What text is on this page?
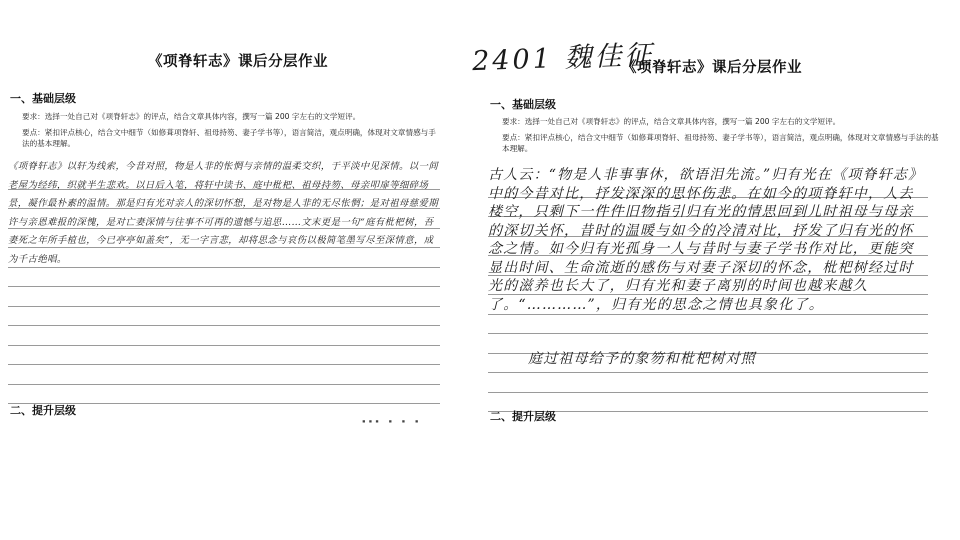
《项脊轩志》课后分层作业
一、基础层级
要求：选择一处自己对《项脊轩志》的评点，结合文章具体内容，撰写一篇 200 字左右的文学短评。
要点：紧扣评点核心，结合文中细节（如修葺项脊轩、祖母持笏、妻子学书等），语言简洁，观点明确，体现对文章情感与手法的基本理解。
《项脊轩志》以轩为线索，今昔对照，物是人非的怅惘与亲情的温柔交织，于平淡中见深情。以一间老屋为经纬，织就半生悲欢。以日后入笔，将轩中读书、庭中枇杷、祖母持笏、母亲叩扉等细碎场景，凝作最朴素的温情。那是归有光对亲人的深切怀想，是对物是人非的无尽怅惘；是对祖母慈爱期许与亲恩难报的深愧，是对亡妻深情与往事不可再的遗憾与追思……文末更是一句“庭有枇杷树，吾妻死之年所手植也，今已亭亭如盖矣”，无一字言悲，却将思念与哀伤以极简笔墨写尽至深情意，成为千古绝唱。
二、提升层级
▪▪▪ ▪ ▪ ▪
2401 魏佳征
《项脊轩志》课后分层作业
一、基础层级
要求：选择一处自己对《项脊轩志》的评点，结合文章具体内容，撰写一篇 200 字左右的文学短评。
要点：紧扣评点核心，结合文中细节（如修葺项脊轩、祖母持笏、妻子学书等），语言简洁，观点明确，体现对文章情感与手法的基本理解。
古人云：“物是人非事事休，欲语泪先流。”归有光在《项脊轩志》中的今昔对比，抒发深深的思怀伤悲。在如今的项脊轩中，人去楼空，只剩下一件件旧物指引归有光的情思回到儿时祖母与母亲的深切关怀，昔时的温暖与如今的冷清对比，抒发了归有光的怀念之情。如今归有光孤身一人与昔时与妻子学书作对比，更能突显出时间、生命流逝的感伤与对妻子深切的怀念，枇杷树经过时光的滋养也长大了，归有光和妻子离别的时间也越来越久了。“…………”，归有光的思念之情也具象化了。
庭过祖母给予的象笏和枇杷树对照
二、提升层级
